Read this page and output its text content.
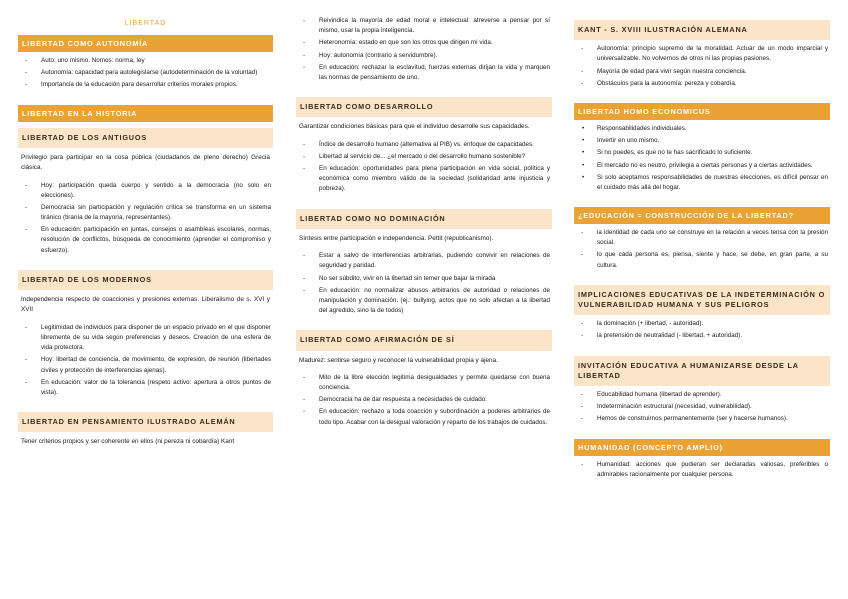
LIBERTAD
LIBERTAD COMO AUTONOMÍA
- Auto: uno mismo. Nomos: norma, ley
- Autonomía: capacidad para autolegislarse (autodeterminación de la voluntad)
- Importancia de la educación para desarrollar criterios morales propios.
LIBERTAD EN LA HISTORIA
LIBERTAD DE LOS ANTIGUOS

Privilegio para participar en la cosa pública (ciudadanos de pleno derecho) Grecia clásica.

- Hoy: participación queda cuerpo y sentido a la democracia (no solo en elecciones).
- Democracia sin participación y regulación crítica se transforma en un sistema tiránico (tiranía de la mayoría, representantes).
- En educación: participación en juntas, consejos o asambleas escolares, normas, resolución de conflictos, búsqueda de conocimiento (aprender el compromiso y esfuerzo).
LIBERTAD DE LOS MODERNOS

Independencia respecto de coacciones y presiones externas. Liberalismo de s. XVI y XVII

- Legitimidad de individuos para disponer de un espacio privado en el que disponer libremente de su vida según preferencias y deseos. Creación de una esfera de vida protectora.
- Hoy: libertad de conciencia, de movimiento, de expresión, de reunión (libertades civiles y protección de interferencias ajenas).
- En educación: valor de la tolerancia (respeto activo: apertura a otros puntos de vista).
LIBERTAD EN PENSAMIENTO ILUSTRADO ALEMÁN

Tener criterios propios y ser coherente en ellos (ni pereza ni cobardía) Kant

- Reivindica la mayoría de edad moral e intelectual: atreverse a pensar por sí mismo, usar la propia inteligencia.
- Heteronomía: estado en que son los otros que dirigen mi vida.
- Hoy: autonomía (contrario a servidumbre).
- En educación: rechazar la esclavitud, fuerzas externas dirijan la vida y marquen las normas de pensamiento de uno.
LIBERTAD COMO DESARROLLO

Garantizar condiciones básicas para que el individuo desarrolle sus capacidades.

- Índice de desarrollo humano (alternativa al PIB) vs. enfoque de capacidades.
- Libertad al servicio de... ¿el mercado o del desarrollo humano sostenible?
- En educación: oportunidades para plena participación en vida social, política y económica como miembro válido de la sociedad (solidaridad ante injusticia y pobreza).
LIBERTAD COMO NO DOMINACIÓN

Síntesis entre participación e independencia. Pettit (republicanismo).

- Estar a salvo de interferencias arbitrarias, pudiendo convivir en relaciones de seguridad y paridad.
- No ser súbdito, vivir en la libertad sin temer que bajar la mirada
- En educación: no normalizar abusos arbitrarios de autoridad o relaciones de manipulación y dominación. (ej.: bullying, actos que no solo afectan a la libertad del agredido, sino la de todos)
LIBERTAD COMO AFIRMACIÓN DE SÍ

Madurez: sentirse seguro y reconocer la vulnerabilidad propia y ajena.

- Mito de la libre elección legitima desigualdades y permite quedarse con buena conciencia.
- Democracia ha de dar respuesta a necesidades de cuidado.
- En educación: rechazo a toda coacción y subordinación a poderes arbitrarios de todo tipo. Acabar con la desigual valoración y reparto de los trabajos de cuidados.
KANT - S. XVIII ILUSTRACIÓN ALEMANA
- Autonomía: principio supremo de la moralidad. Actuar de un modo imparcial y universalizable. No volvernos de otros ni las propias pasiones.
- Mayoría de edad para vivir según nuestra conciencia.
- Obstáculos para la autonomía: pereza y cobardía.
LIBERTAD HOMO ECONOMICUS
• Responsabilidades individuales.
• Invertir en uno mismo.
• Si no puedes, es que no te has sacrificado lo suficiente.
• El mercado no es neutro, privilegia a ciertas personas y a ciertas actividades.
• Si solo aceptamos responsabilidades de nuestras elecciones, es difícil pensar en el cuidado más allá del hogar.
¿EDUCACIÓN = CONSTRUCCIÓN DE LA LIBERTAD?
- la identidad de cada uno se construye en la relación a veces tensa con la presión social.
- lo que cada persona es, piensa, siente y hace, se debe, en gran parte, a su cultura.
IMPLICACIONES EDUCATIVAS DE LA INDETERMINACIÓN O VULNERABILIDAD HUMANA Y SUS PELIGROS
- la dominación (+ libertad, - autoridad).
- la pretensión de neutralidad (- libertad, + autoridad).
INVITACIÓN EDUCATIVA A HUMANIZARSE DESDE LA LIBERTAD
- Educabilidad humana (libertad de aprender).
- Indeterminación estructural (necesidad, vulnerabilidad).
- Hemos de construirnos permanentemente (ser y hacerse humanos).
HUMANIDAD (CONCEPTO AMPLIO)
- Humanidad: acciones que pudieran ser declaradas valiosas, preferibles o admirables racionalmente por cualquier persona.
